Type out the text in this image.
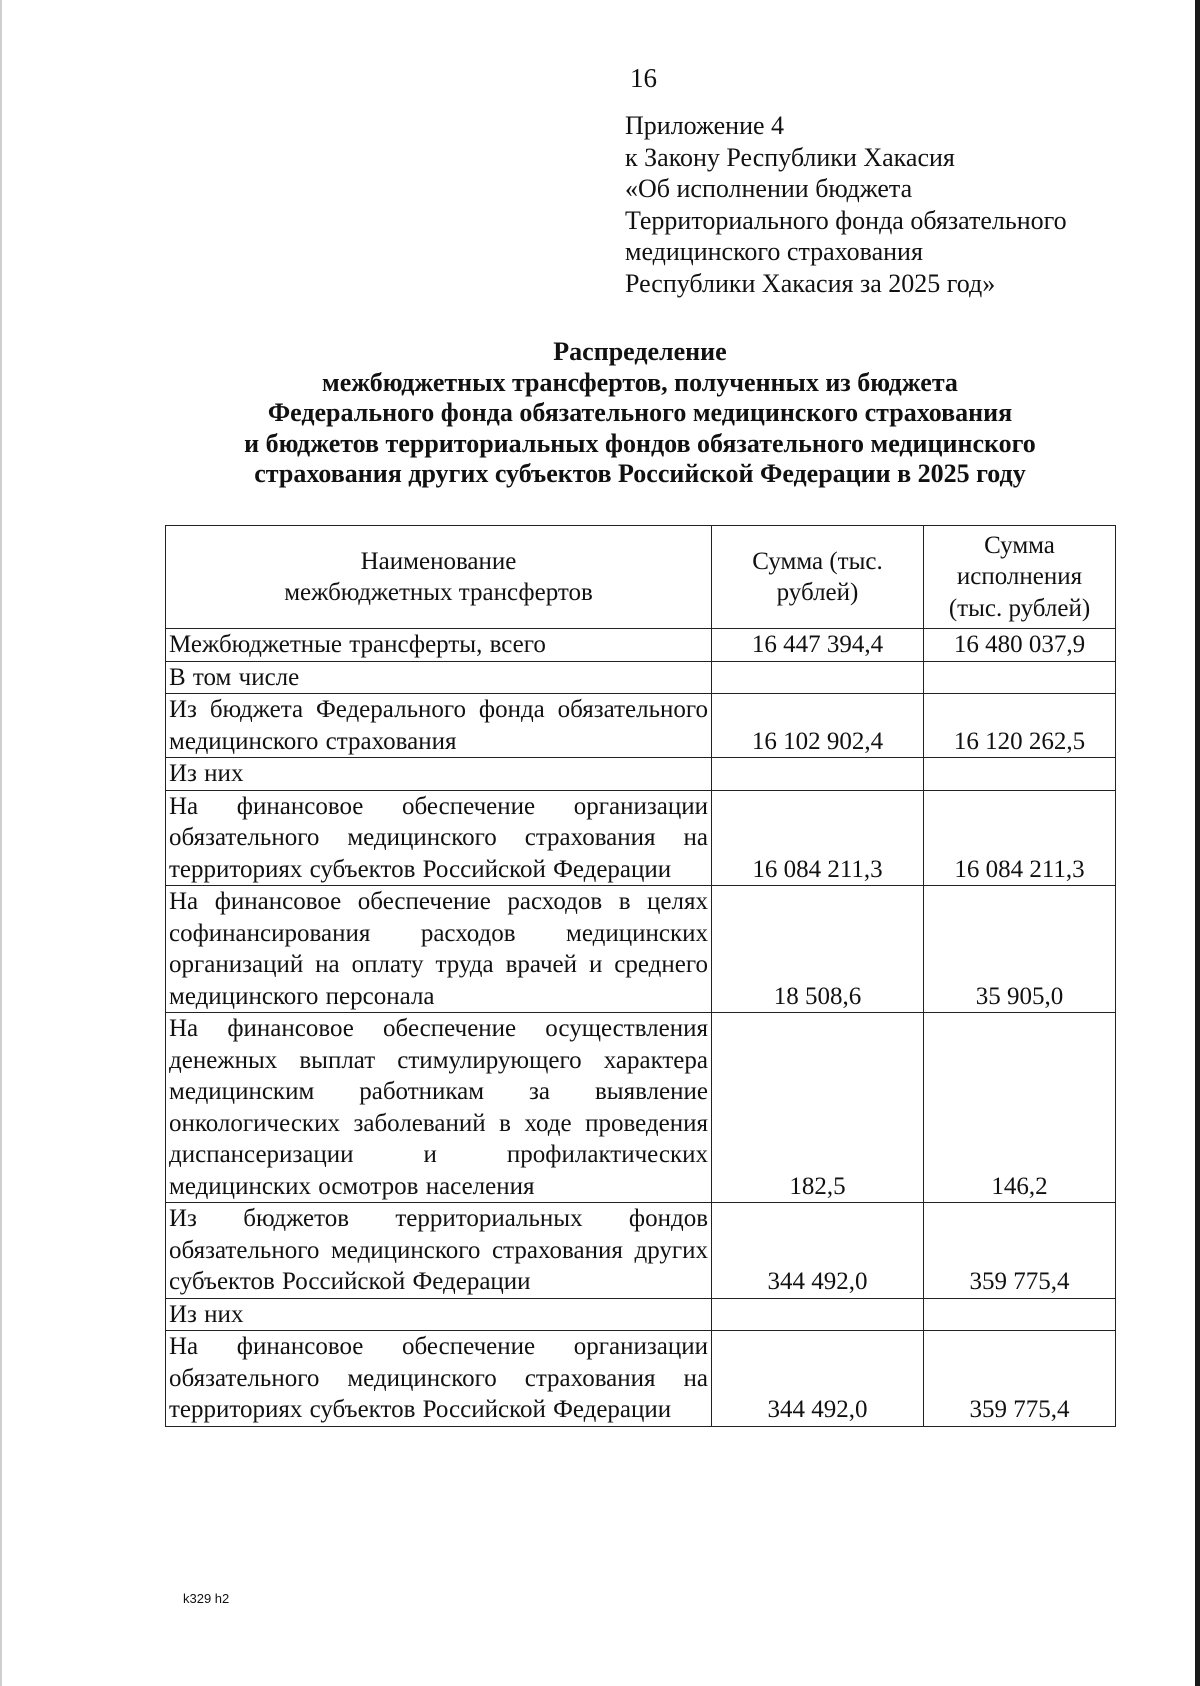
16
Приложение 4
к Закону Республики Хакасия
«Об исполнении бюджета
Территориального фонда обязательного
медицинского страхования
Республики Хакасия за 2025 год»
Распределение
межбюджетных трансфертов, полученных из бюджета
Федерального фонда обязательного медицинского страхования
и бюджетов территориальных фондов обязательного медицинского
страхования других субъектов Российской Федерации в 2025 году
Наименование межбюджетных трансфертов	Сумма (тыс. рублей)	Сумма исполнения (тыс. рублей)

Межбюджетные трансферты, всего	16 447 394,4	16 480 037,9
В том числе		
Из бюджета Федерального фонда обязательного медицинского страхования	16 102 902,4	16 120 262,5
Из них		
На финансовое обеспечение организации обязательного медицинского страхования на территориях субъектов Российской Федерации	16 084 211,3	16 084 211,3
На финансовое обеспечение расходов в целях софинансирования расходов медицинских организаций на оплату труда врачей и среднего медицинского персонала	18 508,6	35 905,0
На финансовое обеспечение осуществления денежных выплат стимулирующего характера медицинским работникам за выявление онкологических заболеваний в ходе проведения диспансеризации и профилактических медицинских осмотров населения	182,5	146,2
Из бюджетов территориальных фондов обязательного медицинского страхования других субъектов Российской Федерации	344 492,0	359 775,4
Из них		
На финансовое обеспечение организации обязательного медицинского страхования на территориях субъектов Российской Федерации	344 492,0	359 775,4
k329 h2
